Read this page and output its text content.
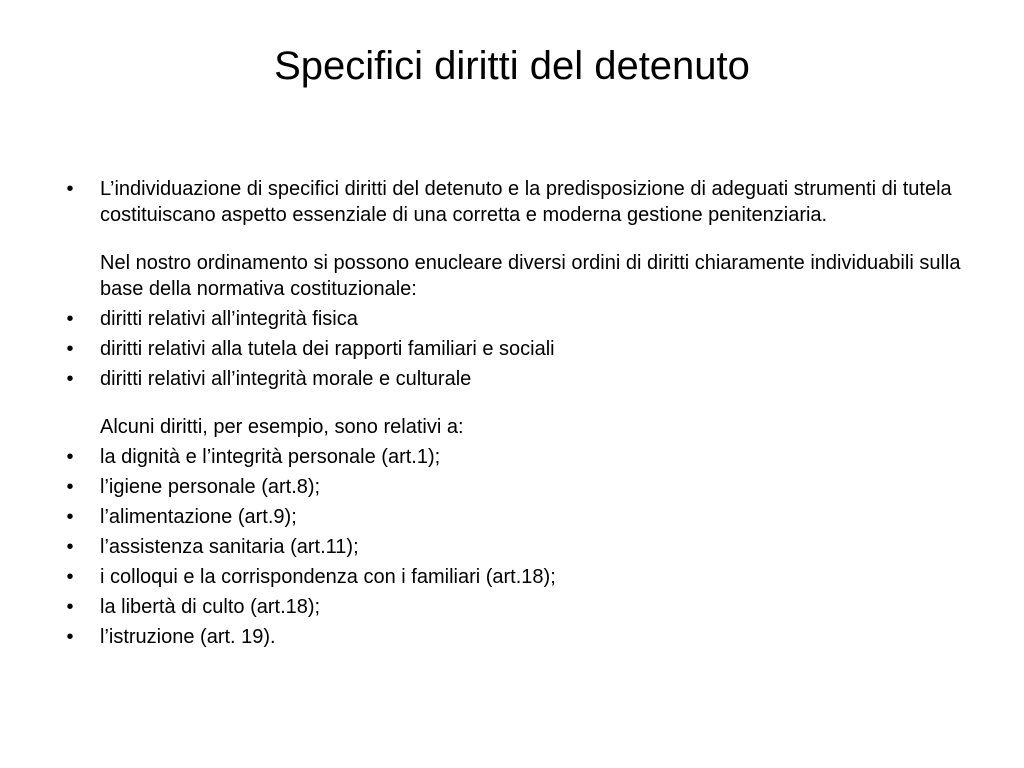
Specifici diritti del detenuto
•	L’individuazione di specifici diritti del detenuto e la predisposizione di adeguati strumenti di tutela costituiscano aspetto essenziale di una corretta e moderna gestione penitenziaria.
Nel nostro ordinamento si possono enucleare diversi ordini di diritti chiaramente individuabili sulla base della normativa costituzionale:
•	diritti relativi all’integrità fisica
•	diritti relativi alla tutela dei rapporti familiari e sociali
•	diritti relativi all’integrità morale e culturale
Alcuni diritti, per esempio, sono relativi a:
•	la dignità e l’integrità personale (art.1);
•	l’igiene personale (art.8);
•	l’alimentazione (art.9);
•	l’assistenza sanitaria (art.11);
•	i colloqui e la corrispondenza con i familiari (art.18);
•	la libertà di culto (art.18);
•	l’istruzione (art. 19).
